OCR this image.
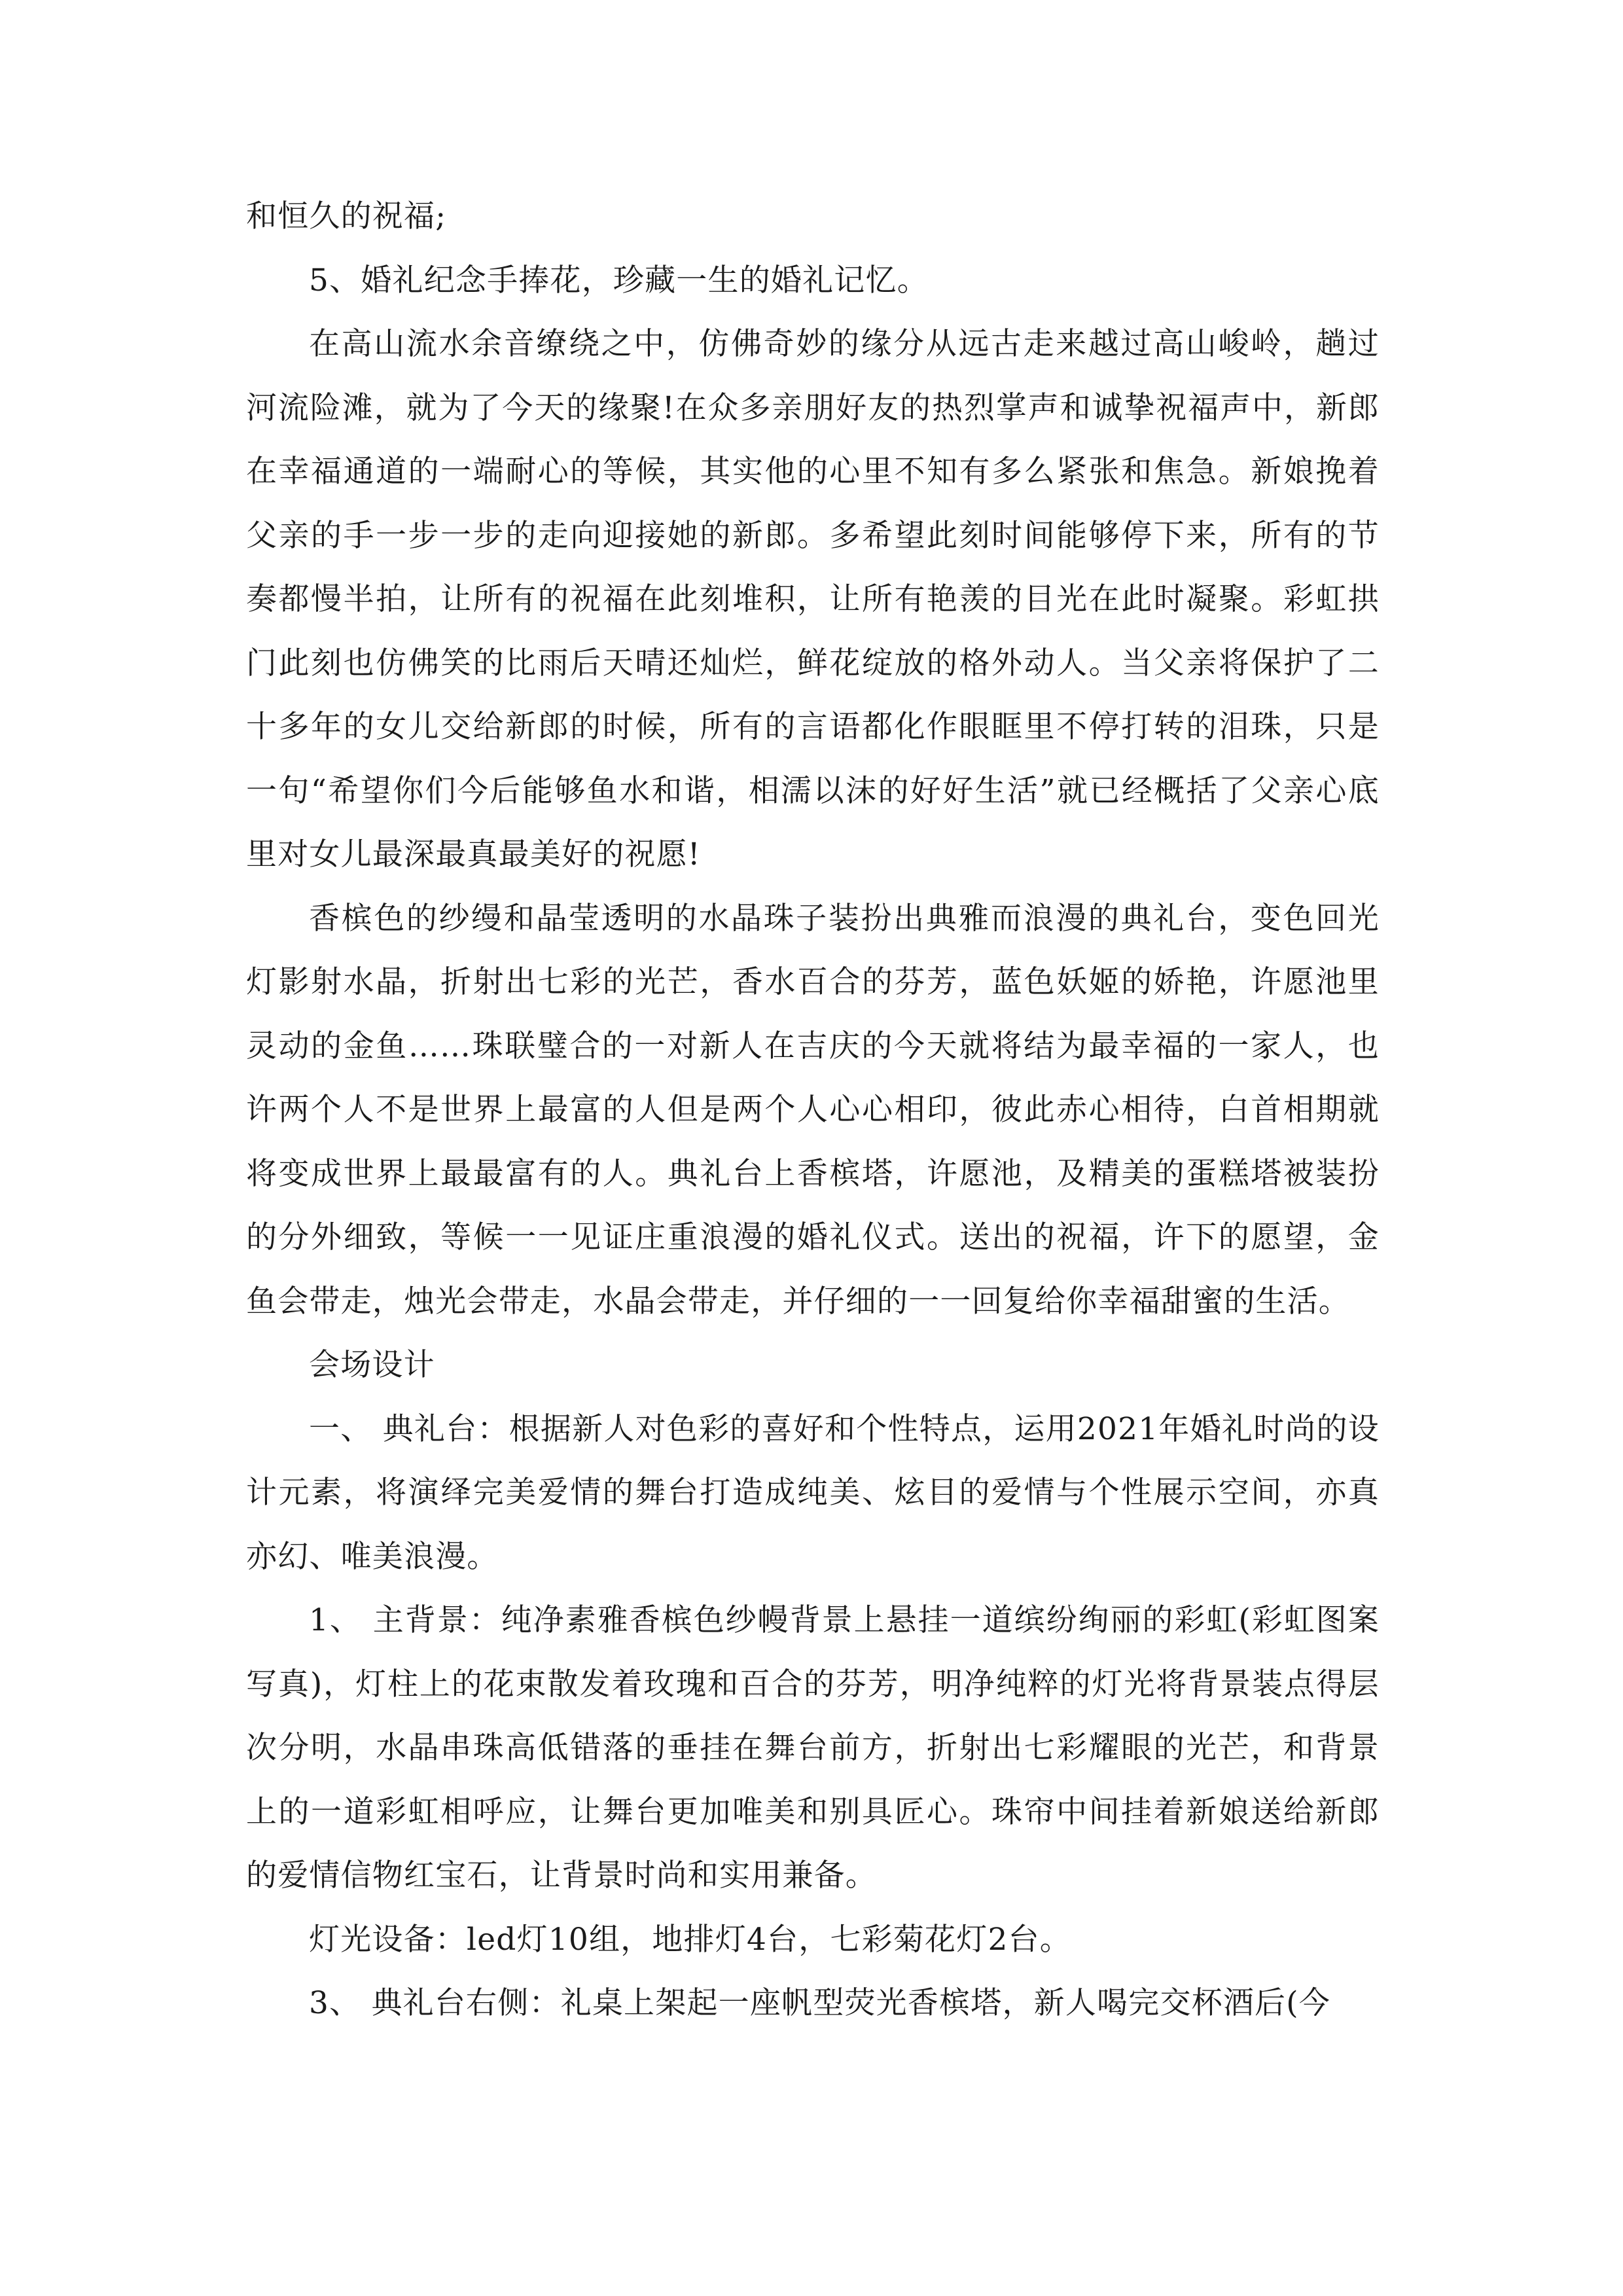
和恒久的祝福;

5、婚礼纪念手捧花，珍藏一生的婚礼记忆。

在高山流水余音缭绕之中，仿佛奇妙的缘分从远古走来越过高山峻岭，趟过河流险滩，就为了今天的缘聚!在众多亲朋好友的热烈掌声和诚挚祝福声中，新郎在幸福通道的一端耐心的等候，其实他的心里不知有多么紧张和焦急。新娘挽着父亲的手一步一步的走向迎接她的新郎。多希望此刻时间能够停下来，所有的节奏都慢半拍，让所有的祝福在此刻堆积，让所有艳羡的目光在此时凝聚。彩虹拱门此刻也仿佛笑的比雨后天晴还灿烂，鲜花绽放的格外动人。当父亲将保护了二十多年的女儿交给新郎的时候，所有的言语都化作眼眶里不停打转的泪珠，只是一句“希望你们今后能够鱼水和谐，相濡以沫的好好生活”就已经概括了父亲心底里对女儿最深最真最美好的祝愿!

香槟色的纱缦和晶莹透明的水晶珠子装扮出典雅而浪漫的典礼台，变色回光灯影射水晶，折射出七彩的光芒，香水百合的芬芳，蓝色妖姬的娇艳，许愿池里灵动的金鱼……珠联璧合的一对新人在吉庆的今天就将结为最幸福的一家人，也许两个人不是世界上最富的人但是两个人心心相印，彼此赤心相待，白首相期就将变成世界上最最富有的人。典礼台上香槟塔，许愿池，及精美的蛋糕塔被装扮的分外细致，等候一一见证庄重浪漫的婚礼仪式。送出的祝福，许下的愿望，金鱼会带走，烛光会带走，水晶会带走，并仔细的一一回复给你幸福甜蜜的生活。

会场设计

一、 典礼台：根据新人对色彩的喜好和个性特点，运用2021年婚礼时尚的设计元素，将演绎完美爱情的舞台打造成纯美、炫目的爱情与个性展示空间，亦真亦幻、唯美浪漫。

1、 主背景：纯净素雅香槟色纱幔背景上悬挂一道缤纷绚丽的彩虹(彩虹图案写真)，灯柱上的花束散发着玫瑰和百合的芬芳，明净纯粹的灯光将背景装点得层次分明，水晶串珠高低错落的垂挂在舞台前方，折射出七彩耀眼的光芒，和背景上的一道彩虹相呼应，让舞台更加唯美和别具匠心。珠帘中间挂着新娘送给新郎的爱情信物红宝石，让背景时尚和实用兼备。

灯光设备：led灯10组，地排灯4台，七彩菊花灯2台。

3、 典礼台右侧：礼桌上架起一座帆型荧光香槟塔，新人喝完交杯酒后(今
